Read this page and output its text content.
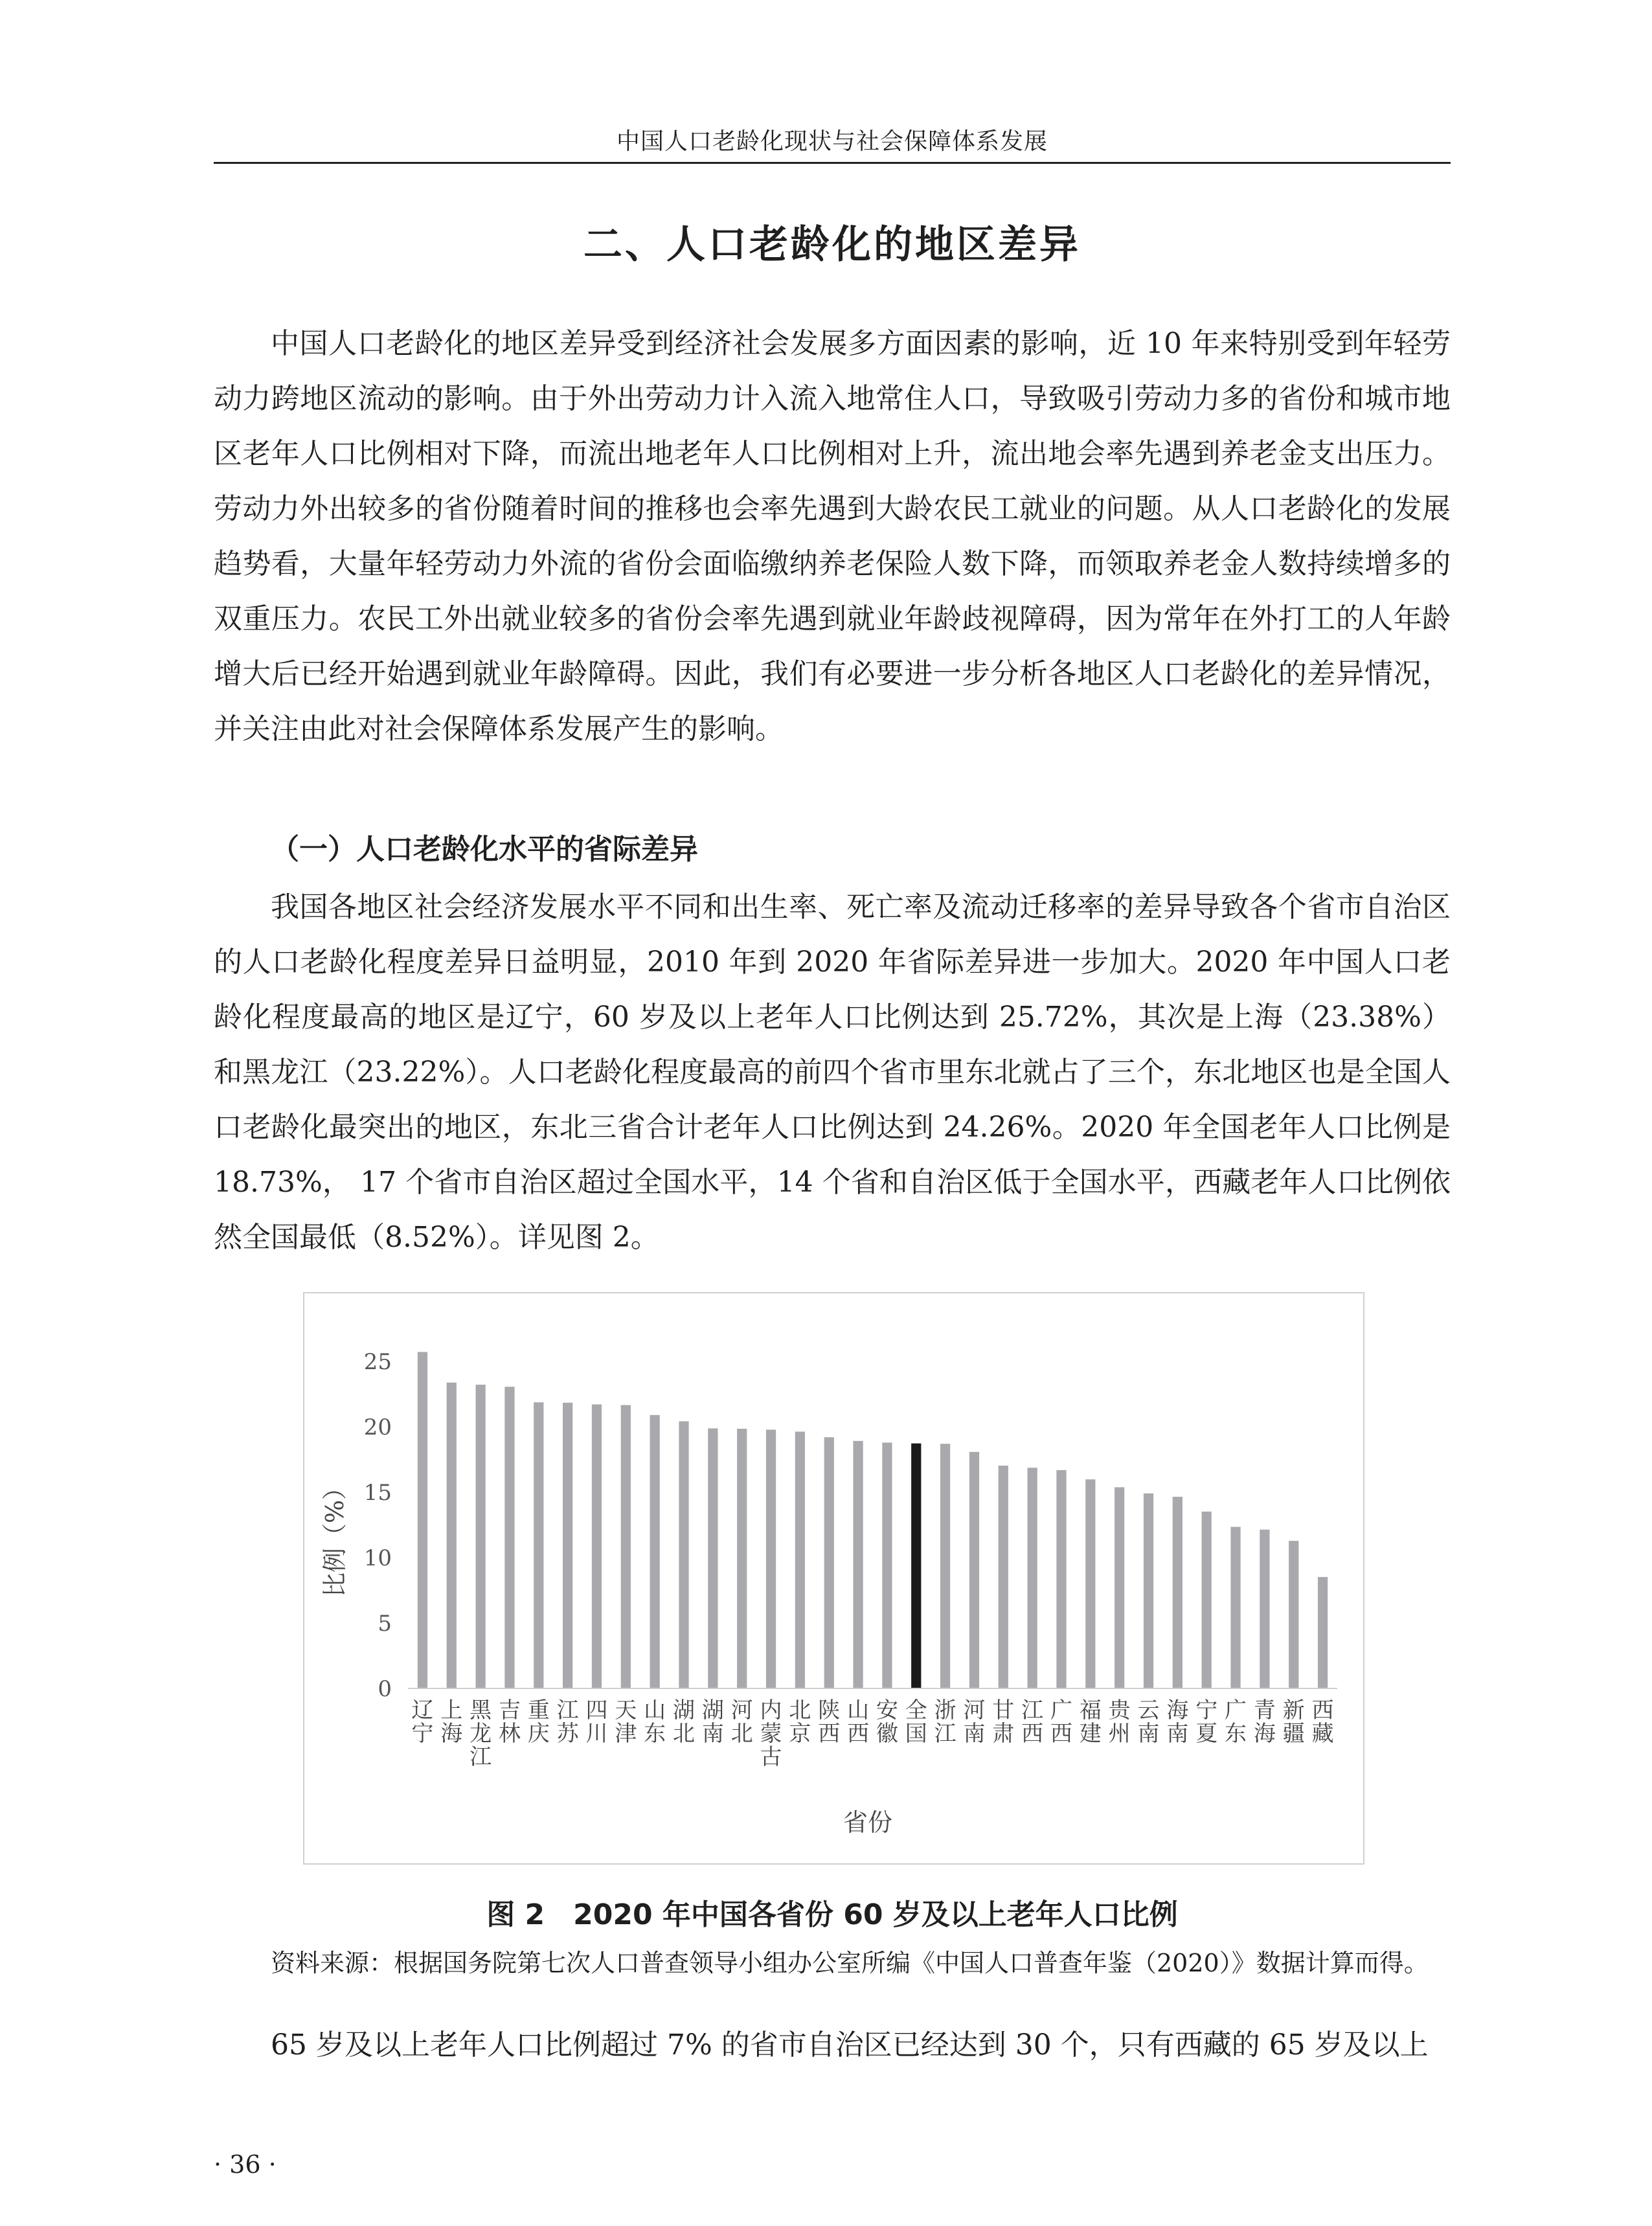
中国人口老龄化现状与社会保障体系发展
二、人口老龄化的地区差异

中国人口老龄化的地区差异受到经济社会发展多方面因素的影响，近 10 年来特别受到年轻劳动力跨地区流动的影响。由于外出劳动力计入流入地常住人口，导致吸引劳动力多的省份和城市地区老年人口比例相对下降，而流出地老年人口比例相对上升，流出地会率先遇到养老金支出压力。劳动力外出较多的省份随着时间的推移也会率先遇到大龄农民工就业的问题。从人口老龄化的发展趋势看，大量年轻劳动力外流的省份会面临缴纳养老保险人数下降，而领取养老金人数持续增多的双重压力。农民工外出就业较多的省份会率先遇到就业年龄歧视障碍，因为常年在外打工的人年龄增大后已经开始遇到就业年龄障碍。因此，我们有必要进一步分析各地区人口老龄化的差异情况，并关注由此对社会保障体系发展产生的影响。

（一）人口老龄化水平的省际差异

我国各地区社会经济发展水平不同和出生率、死亡率及流动迁移率的差异导致各个省市自治区的人口老龄化程度差异日益明显，2010 年到 2020 年省际差异进一步加大。2020 年中国人口老龄化程度最高的地区是辽宁，60 岁及以上老年人口比例达到 25.72%，其次是上海（23.38%）和黑龙江（23.22%）。人口老龄化程度最高的前四个省市里东北就占了三个，东北地区也是全国人口老龄化最突出的地区，东北三省合计老年人口比例达到 24.26%。2020 年全国老年人口比例是 18.73%， 17 个省市自治区超过全国水平，14 个省和自治区低于全国水平，西藏老年人口比例依然全国最低（8.52%）。详见图 2。

比例（%）
省份
0
5
10
15
20
25
辽宁
上海
黑龙江
吉林
重庆
江苏
四川
天津
山东
湖北
湖南
河北
内蒙古
北京
陕西
山西
安徽
全国
浙江
河南
甘肃
江西
广西
福建
贵州
云南
海南
宁夏
广东
青海
新疆
西藏
图 2　2020 年中国各省份 60 岁及以上老年人口比例
资料来源：根据国务院第七次人口普查领导小组办公室所编《中国人口普查年鉴（2020）》数据计算而得。

65 岁及以上老年人口比例超过 7% 的省市自治区已经达到 30 个，只有西藏的 65 岁及以上

· 36 ·
